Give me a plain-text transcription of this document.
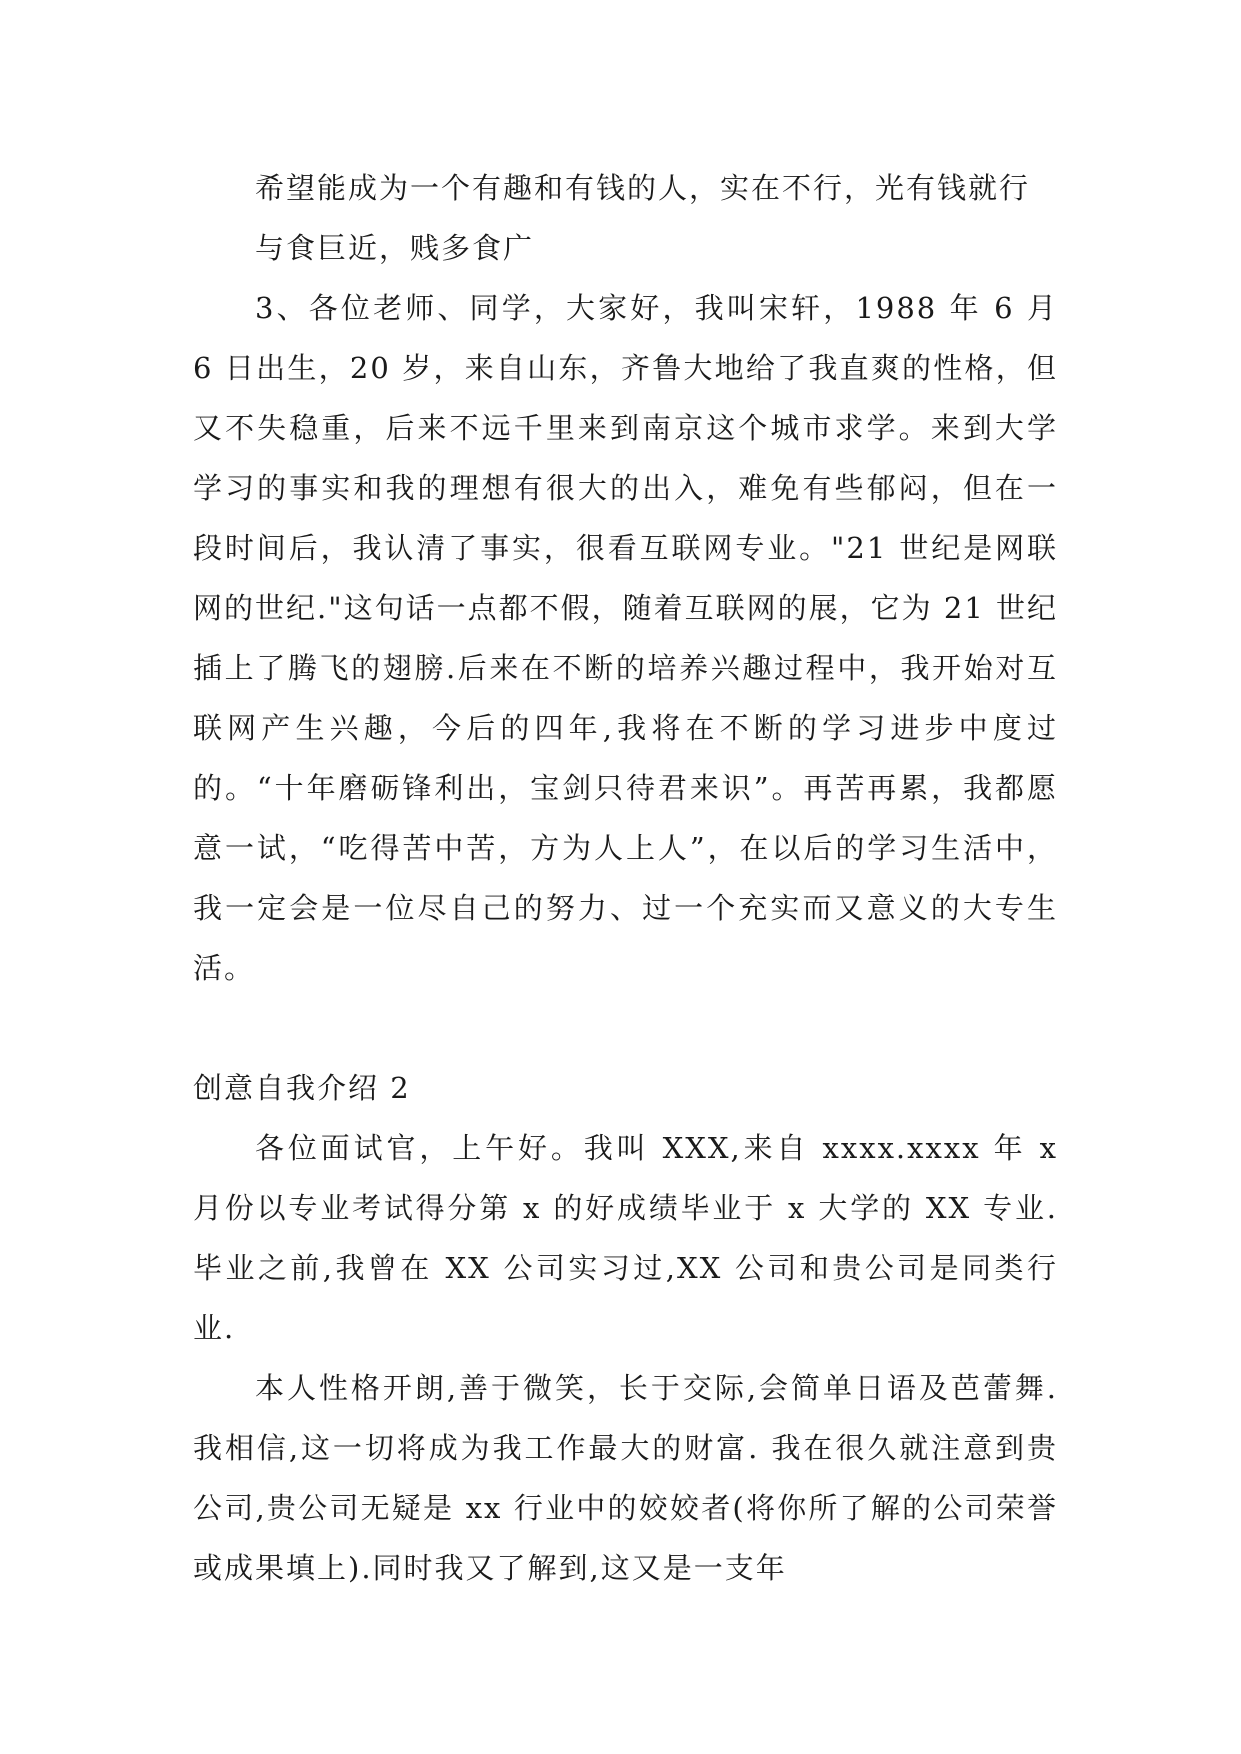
希望能成为一个有趣和有钱的人，实在不行，光有钱就行

与食巨近，贱多食广

3、各位老师、同学，大家好，我叫宋轩，1988 年 6 月 6 日出生，20 岁，来自山东，齐鲁大地给了我直爽的性格，但又不失稳重，后来不远千里来到南京这个城市求学。来到大学学习的事实和我的理想有很大的出入，难免有些郁闷，但在一段时间后，我认清了事实，很看互联网专业。"21 世纪是网联网的世纪."这句话一点都不假，随着互联网的展，它为 21 世纪插上了腾飞的翅膀.后来在不断的培养兴趣过程中，我开始对互联网产生兴趣，今后的四年,我将在不断的学习进步中度过的。“十年磨砺锋利出，宝剑只待君来识”。再苦再累，我都愿意一试，“吃得苦中苦，方为人上人”，在以后的学习生活中，我一定会是一位尽自己的努力、过一个充实而又意义的大专生活。

创意自我介绍 2

各位面试官，上午好。我叫 XXX,来自 xxxx.xxxx 年 x 月份以专业考试得分第 x 的好成绩毕业于 x 大学的 XX 专业.毕业之前,我曾在 XX 公司实习过,XX 公司和贵公司是同类行业.

本人性格开朗,善于微笑，长于交际,会简单日语及芭蕾舞.我相信,这一切将成为我工作最大的财富. 我在很久就注意到贵公司,贵公司无疑是 xx 行业中的姣姣者(将你所了解的公司荣誉或成果填上).同时我又了解到,这又是一支年
